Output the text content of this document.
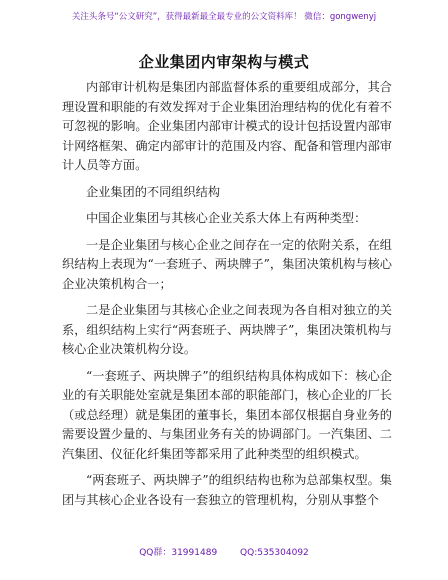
关注头条号“公文研究”，获得最新最全最专业的公文资料库！ 微信：gongwenyj
企业集团内审架构与模式

内部审计机构是集团内部监督体系的重要组成部分，其合理设置和职能的有效发挥对于企业集团治理结构的优化有着不可忽视的影响。企业集团内部审计模式的设计包括设置内部审计网络框架、确定内部审计的范围及内容、配备和管理内部审计人员等方面。

企业集团的不同组织结构

中国企业集团与其核心企业关系大体上有两种类型：

一是企业集团与核心企业之间存在一定的依附关系，在组织结构上表现为“一套班子、两块牌子”，集团决策机构与核心企业决策机构合一；

二是企业集团与其核心企业之间表现为各自相对独立的关系，组织结构上实行“两套班子、两块牌子”，集团决策机构与核心企业决策机构分设。

“一套班子、两块牌子”的组织结构具体构成如下：核心企业的有关职能处室就是集团本部的职能部门，核心企业的厂长（或总经理）就是集团的董事长，集团本部仅根据自身业务的需要设置少量的、与集团业务有关的协调部门。一汽集团、二汽集团、仪征化纤集团等都采用了此种类型的组织模式。

“两套班子、两块牌子”的组织结构也称为总部集权型。集团与其核心企业各设有一套独立的管理机构，分别从事整个

QQ群：31991489	QQ:535304092
